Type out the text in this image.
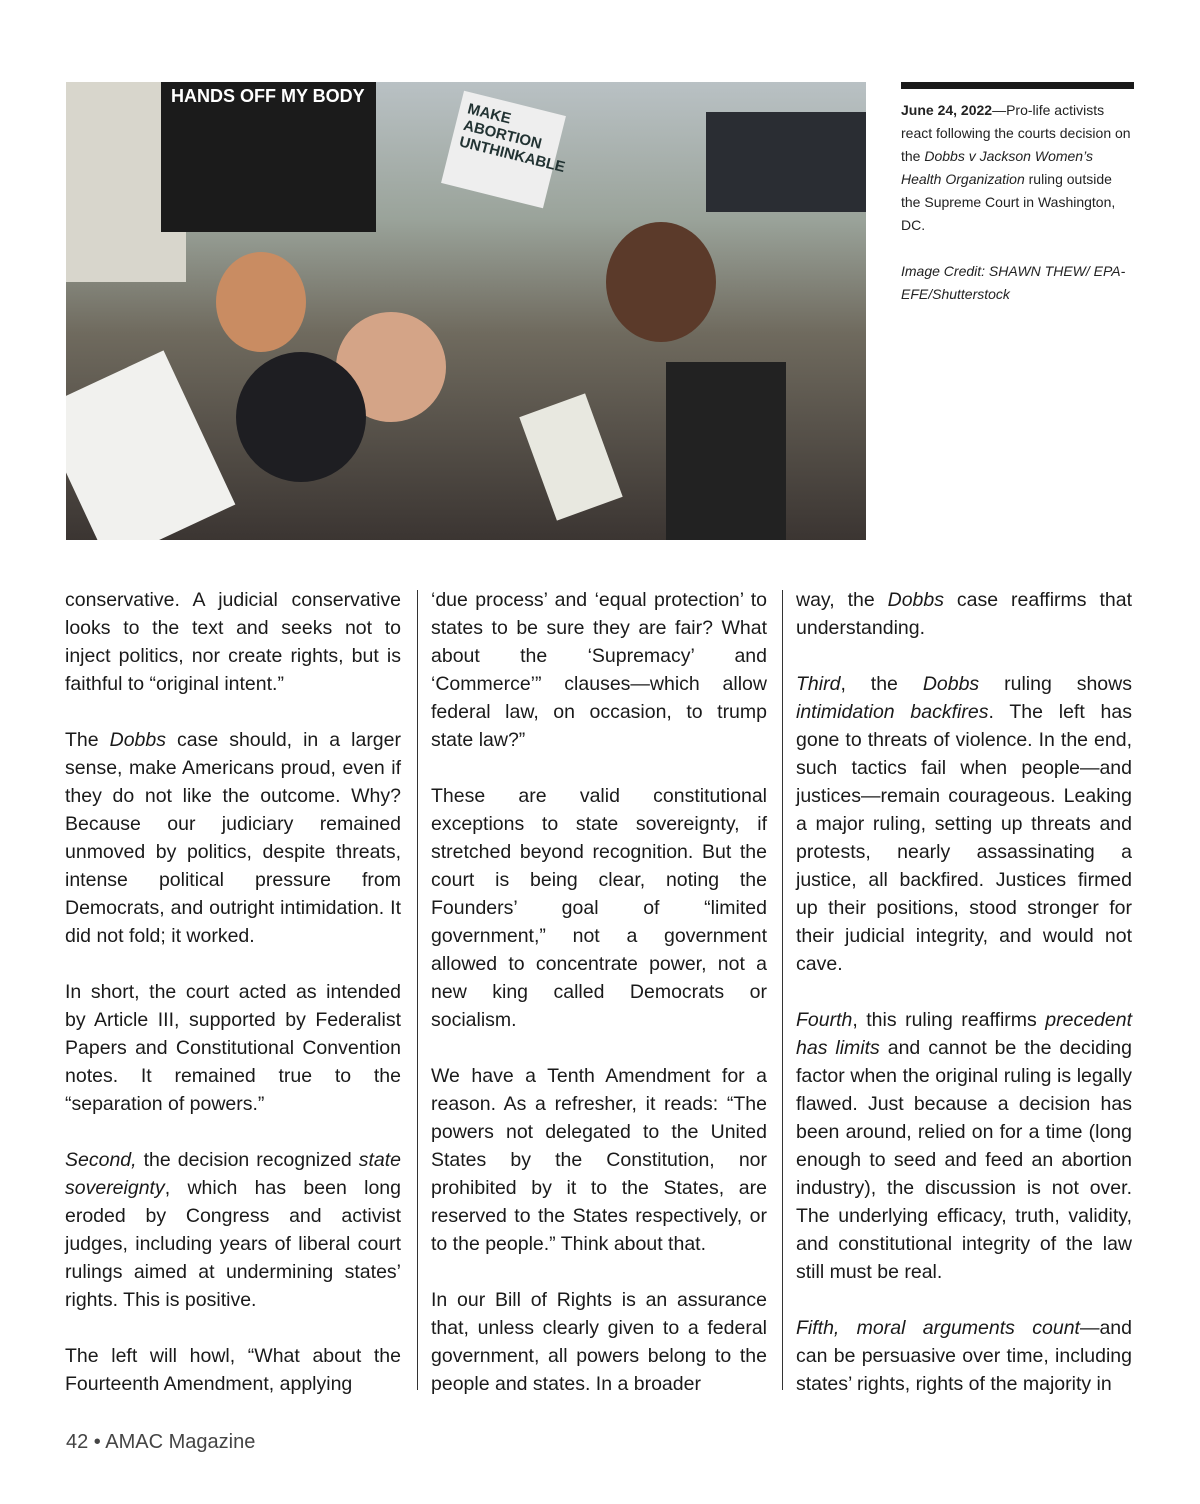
HANDS OFF MY BODY
MAKE ABORTION UNTHINKABLE

June 24, 2022—Pro-life activists react following the courts decision on the Dobbs v Jackson Women’s Health Organization ruling outside the Supreme Court in Washington, DC.

Image Credit: SHAWN THEW/ EPA-EFE/Shutterstock

conservative. A judicial conservative looks to the text and seeks not to inject politics, nor create rights, but is faithful to “original intent.”

The Dobbs case should, in a larger sense, make Americans proud, even if they do not like the outcome. Why? Because our judiciary remained unmoved by politics, despite threats, intense political pressure from Democrats, and outright intimidation. It did not fold; it worked.

In short, the court acted as intended by Article III, supported by Federalist Papers and Constitutional Convention notes. It remained true to the “separation of powers.”

Second, the decision recognized state sovereignty, which has been long eroded by Congress and activist judges, including years of liberal court rulings aimed at undermining states’ rights. This is positive.

The left will howl, “What about the Fourteenth Amendment, applying

‘due process’ and ‘equal protection’ to states to be sure they are fair? What about the ‘Supremacy’ and ‘Commerce’” clauses—which allow federal law, on occasion, to trump state law?”

These are valid constitutional exceptions to state sovereignty, if stretched beyond recognition. But the court is being clear, noting the Founders’ goal of “limited government,” not a government allowed to concentrate power, not a new king called Democrats or socialism.

We have a Tenth Amendment for a reason. As a refresher, it reads: “The powers not delegated to the United States by the Constitution, nor prohibited by it to the States, are reserved to the States respectively, or to the people.” Think about that.

In our Bill of Rights is an assurance that, unless clearly given to a federal government, all powers belong to the people and states. In a broader

way, the Dobbs case reaffirms that understanding.

Third, the Dobbs ruling shows intimidation backfires. The left has gone to threats of violence. In the end, such tactics fail when people—and justices—remain courageous. Leaking a major ruling, setting up threats and protests, nearly assassinating a justice, all backfired. Justices firmed up their positions, stood stronger for their judicial integrity, and would not cave.

Fourth, this ruling reaffirms precedent has limits and cannot be the deciding factor when the original ruling is legally flawed. Just because a decision has been around, relied on for a time (long enough to seed and feed an abortion industry), the discussion is not over. The underlying efficacy, truth, validity, and constitutional integrity of the law still must be real.

Fifth, moral arguments count—and can be persuasive over time, including states’ rights, rights of the majority in

42 • AMAC Magazine
